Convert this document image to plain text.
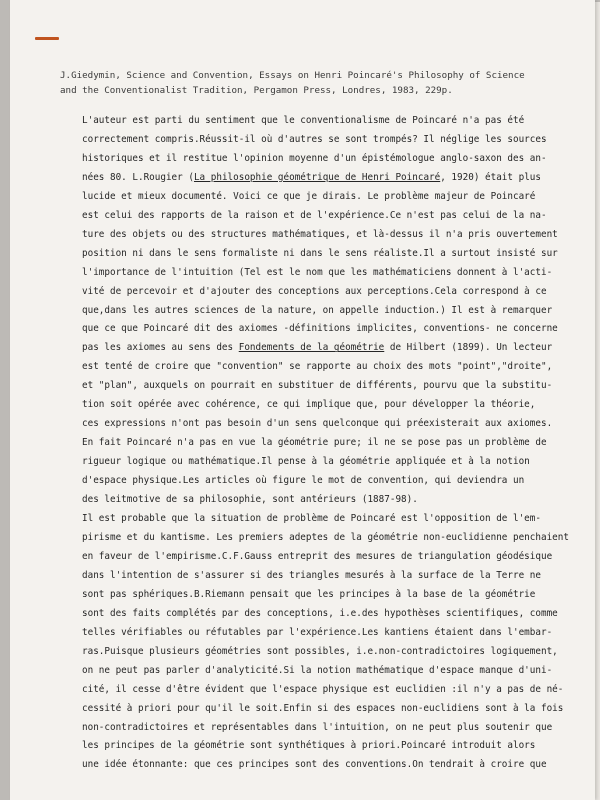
J.Giedymin, Science and Convention, Essays on Henri Poincaré's Philosophy of Science
and the Conventionalist Tradition, Pergamon Press, Londres, 1983, 229p.
L'auteur est parti du sentiment que le conventionalisme de Poincaré n'a pas été
correctement compris.Réussit-il où d'autres se sont trompés? Il néglige les sources
historiques et il restitue l'opinion moyenne d'un épistémologue anglo-saxon des an-
nées 80. L.Rougier (La philosophie géométrique de Henri Poincaré, 1920) était plus
lucide et mieux documenté. Voici ce que je dirais. Le problème majeur de Poincaré
est celui des rapports de la raison et de l'expérience.Ce n'est pas celui de la na-
ture des objets ou des structures mathématiques, et là-dessus il n'a pris ouvertement
position ni dans le sens formaliste ni dans le sens réaliste.Il a surtout insisté sur
l'importance de l'intuition (Tel est le nom que les mathématiciens donnent à l'acti-
vité de percevoir et d'ajouter des conceptions aux perceptions.Cela correspond à ce
que,dans les autres sciences de la nature, on appelle induction.) Il est à remarquer
que ce que Poincaré dit des axiomes -définitions implicites, conventions- ne concerne
pas les axiomes au sens des Fondements de la géométrie de Hilbert (1899). Un lecteur
est tenté de croire que "convention" se rapporte au choix des mots "point","droite",
et "plan", auxquels on pourrait en substituer de différents, pourvu que la substitu-
tion soit opérée avec cohérence, ce qui implique que, pour développer la théorie,
ces expressions n'ont pas besoin d'un sens quelconque qui préexisterait aux axiomes.
En fait Poincaré n'a pas en vue la géométrie pure; il ne se pose pas un problème de
rigueur logique ou mathématique.Il pense à la géométrie appliquée et à la notion
d'espace physique.Les articles où figure le mot de convention, qui deviendra un
des leitmotive de sa philosophie, sont antérieurs (1887-98).
Il est probable que la situation de problème de Poincaré est l'opposition de l'em-
pirisme et du kantisme. Les premiers adeptes de la géométrie non-euclidienne penchaient
en faveur de l'empirisme.C.F.Gauss entreprit des mesures de triangulation géodésique
dans l'intention de s'assurer si des triangles mesurés à la surface de la Terre ne
sont pas sphériques.B.Riemann pensait que les principes à la base de la géométrie
sont des faits complétés par des conceptions, i.e.des hypothèses scientifiques, comme
telles vérifiables ou réfutables par l'expérience.Les kantiens étaient dans l'embar-
ras.Puisque plusieurs géométries sont possibles, i.e.non-contradictoires logiquement,
on ne peut pas parler d'analyticité.Si la notion mathématique d'espace manque d'uni-
cité, il cesse d'être évident que l'espace physique est euclidien :il n'y a pas de né-
cessité à priori pour qu'il le soit.Enfin si des espaces non-euclidiens sont à la fois
non-contradictoires et représentables dans l'intuition, on ne peut plus soutenir que
les principes de la géométrie sont synthétiques à priori.Poincaré introduit alors
une idée étonnante: que ces principes sont des conventions.On tendrait à croire que
